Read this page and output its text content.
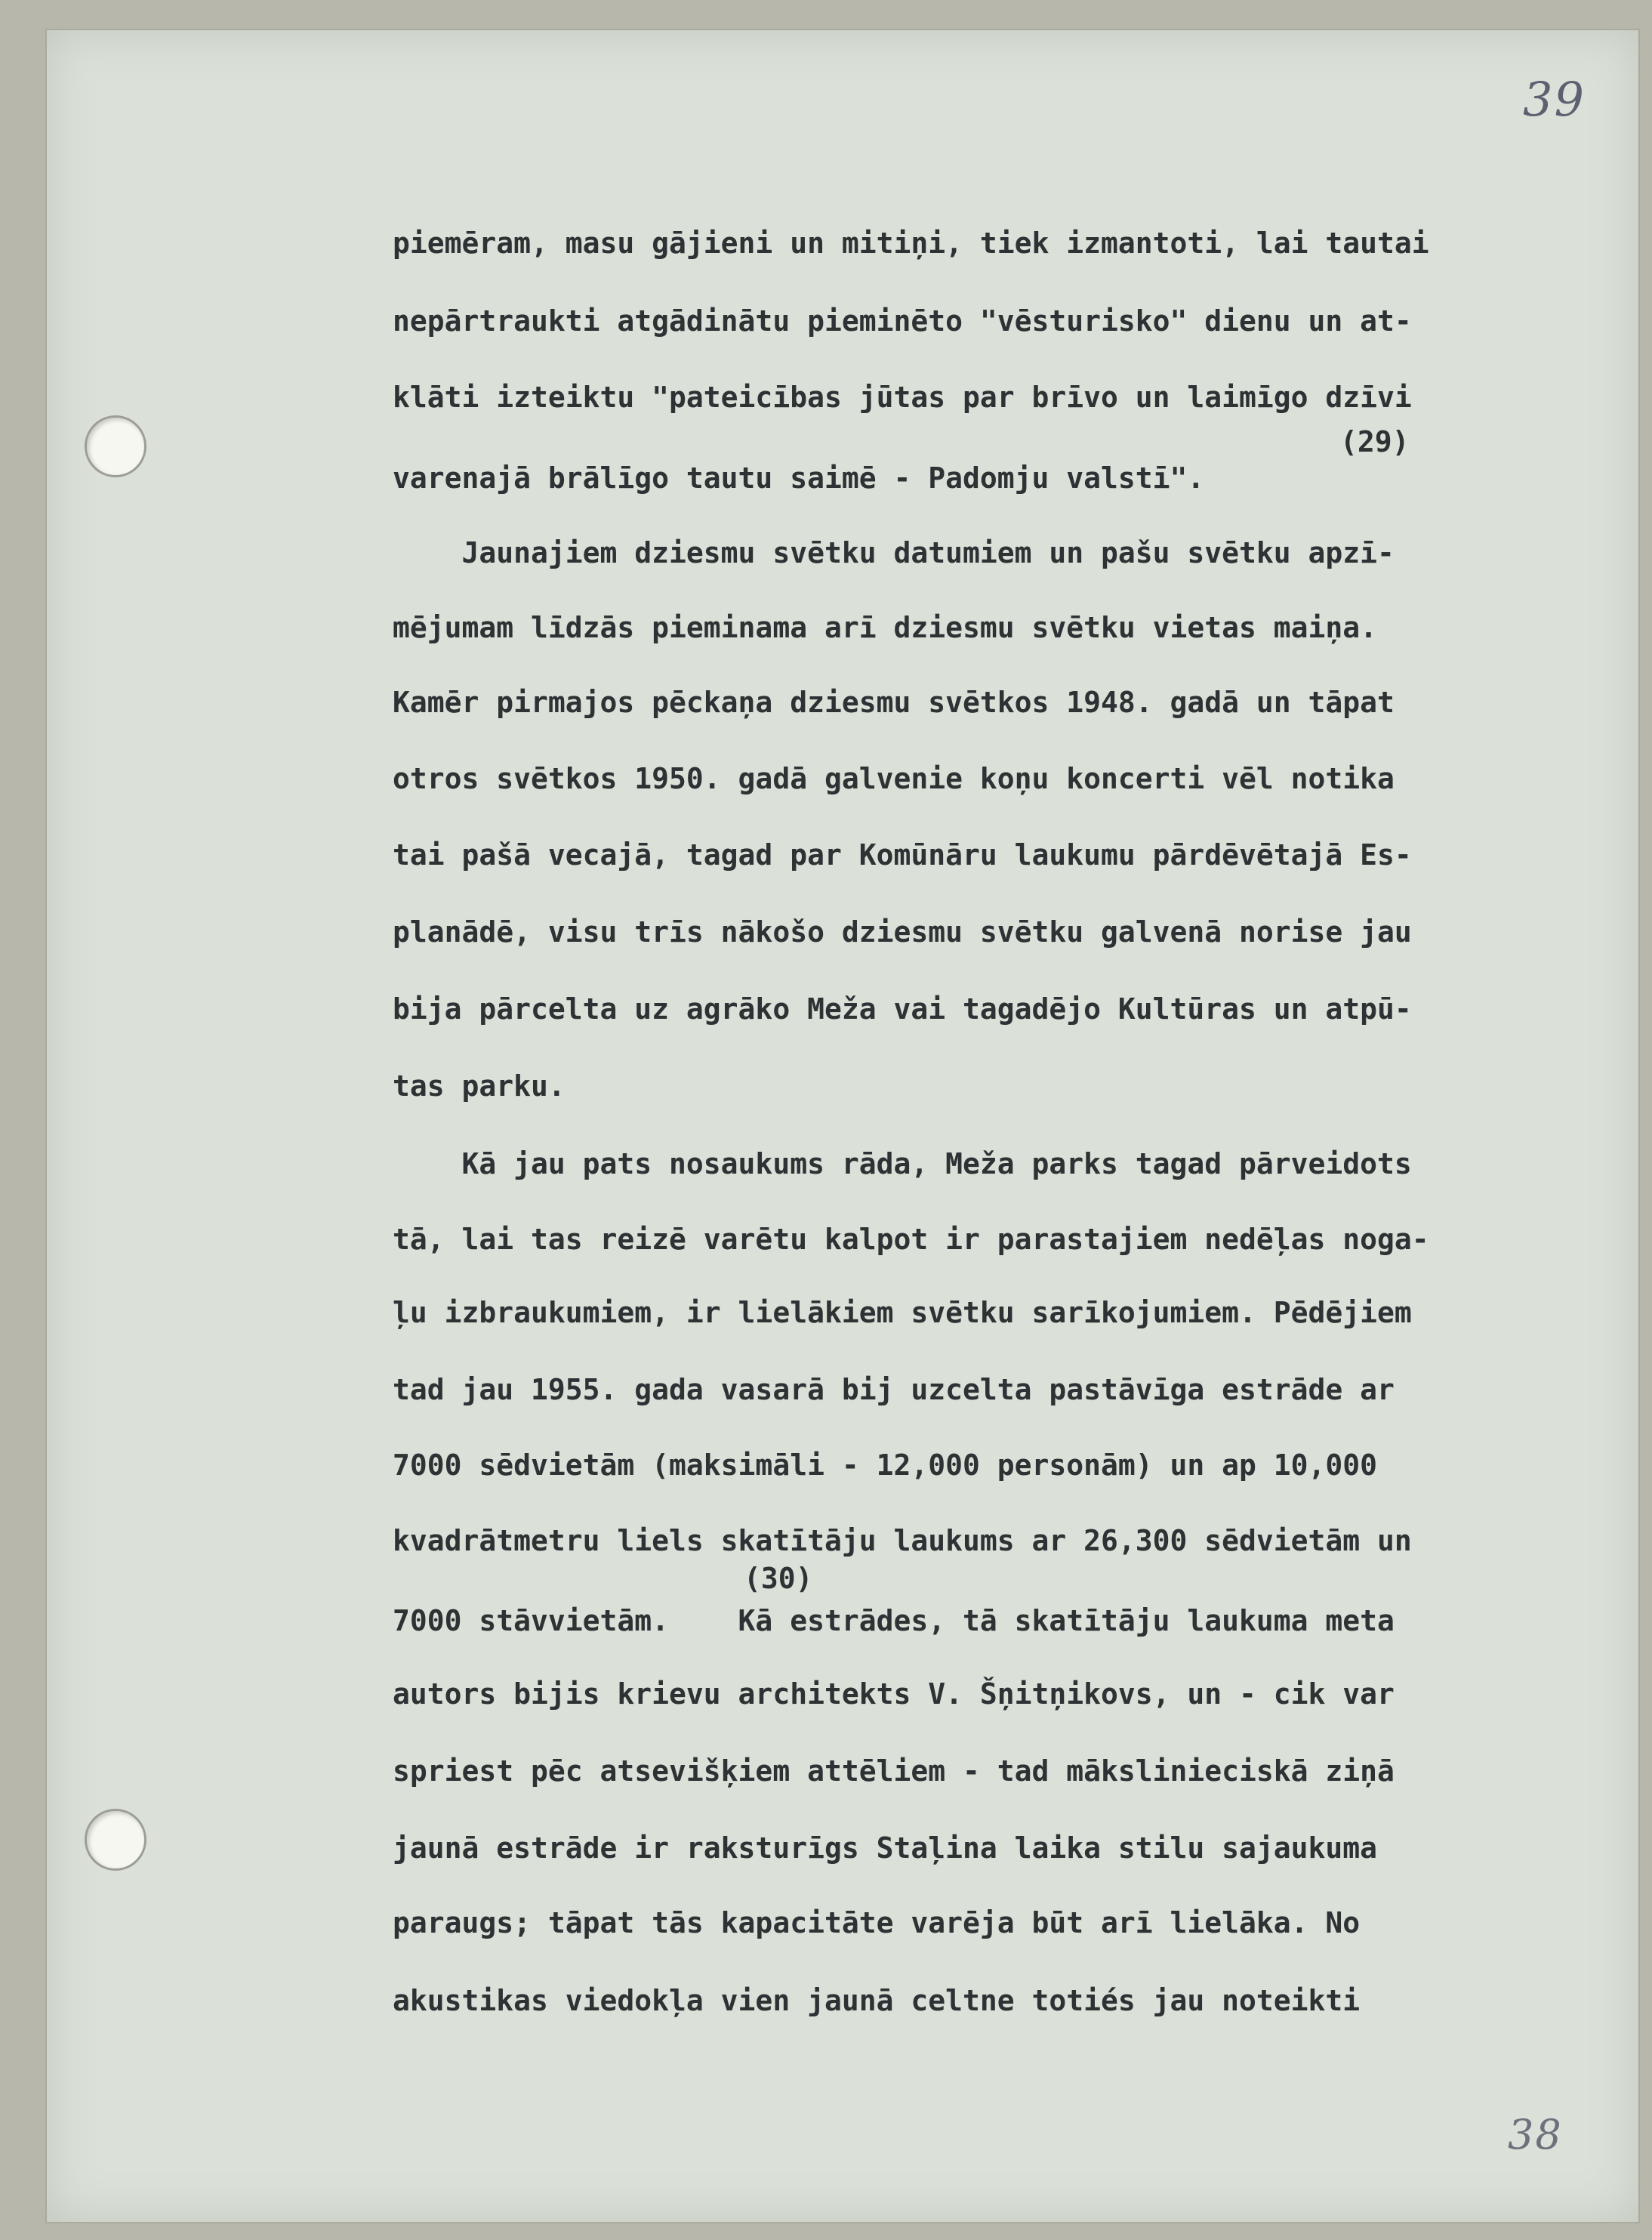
39
38
piemēram, masu gājieni un mitiņi, tiek izmantoti, lai tautai
nepārtraukti atgādinātu pieminēto "vēsturisko" dienu un at-
klāti izteiktu "pateicības jūtas par brīvo un laimīgo dzīvi
varenajā brālīgo tautu saimē - Padomju valstī".
Jaunajiem dziesmu svētku datumiem un pašu svētku apzī-
mējumam līdzās pieminama arī dziesmu svētku vietas maiņa.
Kamēr pirmajos pēckaņa dziesmu svētkos 1948. gadā un tāpat
otros svētkos 1950. gadā galvenie koņu koncerti vēl notika
tai pašā vecajā, tagad par Komūnāru laukumu pārdēvētajā Es-
planādē, visu trīs nākošo dziesmu svētku galvenā norise jau
bija pārcelta uz agrāko Meža vai tagadējo Kultūras un atpū-
tas parku.
Kā jau pats nosaukums rāda, Meža parks tagad pārveidots
tā, lai tas reizē varētu kalpot ir parastajiem nedēļas noga-
ļu izbraukumiem, ir lielākiem svētku sarīkojumiem. Pēdējiem
tad jau 1955. gada vasarā bij uzcelta pastāvīga estrāde ar
7000 sēdvietām (maksimāli - 12,000 personām) un ap 10,000
kvadrātmetru liels skatītāju laukums ar 26,300 sēdvietām un
7000 stāvvietām.    Kā estrādes, tā skatītāju laukuma meta
autors bijis krievu architekts V. Šņitņikovs, un - cik var
spriest pēc atsevišķiem attēliem - tad mākslinieciskā ziņā
jaunā estrāde ir raksturīgs Staļina laika stilu sajaukuma
paraugs; tāpat tās kapacitāte varēja būt arī lielāka. No
akustikas viedokļa vien jaunā celtne totiés jau noteikti
(29)
(30)
